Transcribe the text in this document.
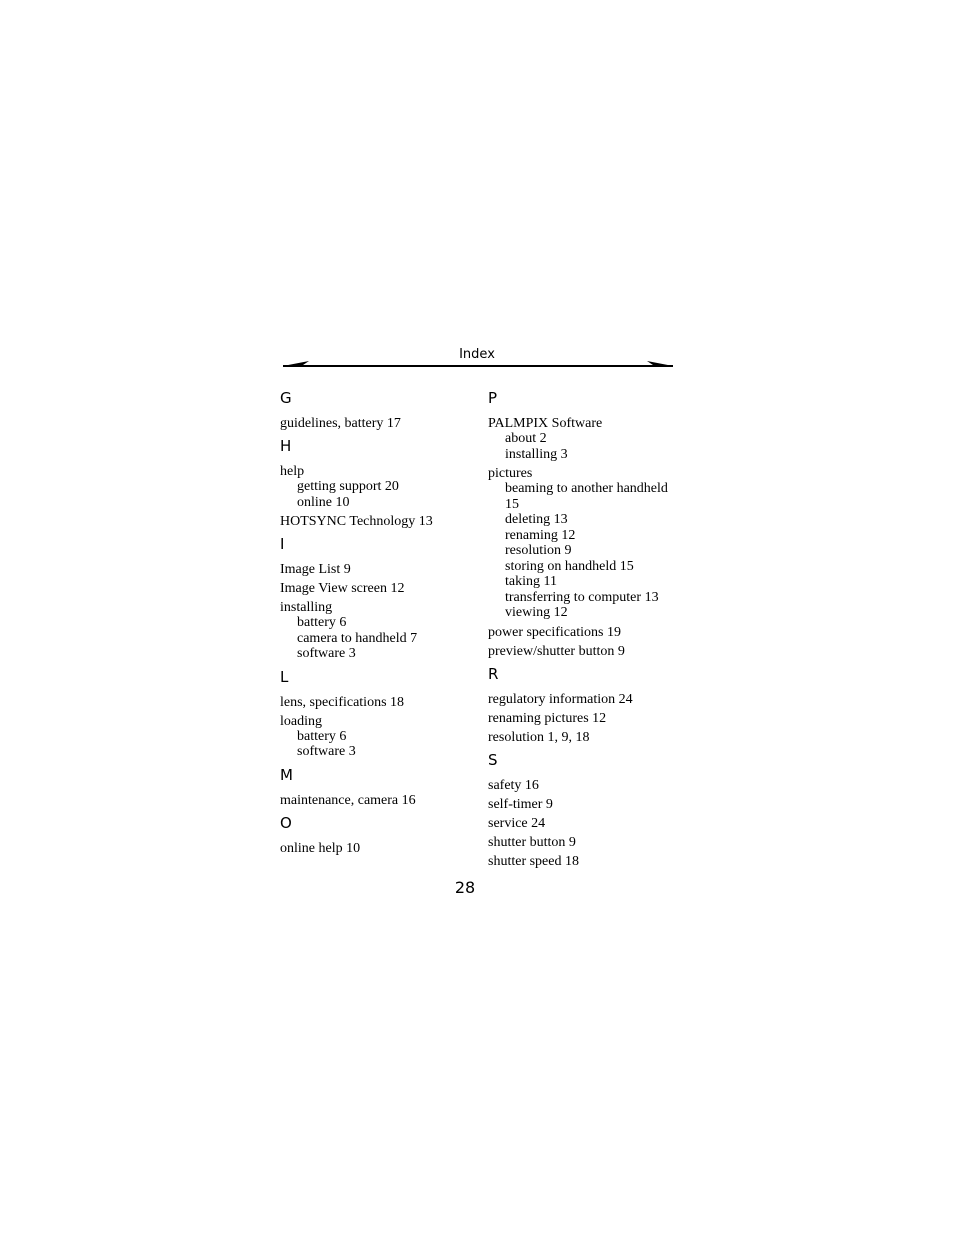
Index
G
guidelines, battery 17
H
help
getting support 20
online 10
HOTSYNC Technology 13
I
Image List 9
Image View screen 12
installing
battery 6
camera to handheld 7
software 3
L
lens, specifications 18
loading
battery 6
software 3
M
maintenance, camera 16
O
online help 10
P
PALMPIX Software
about 2
installing 3
pictures
beaming to another handheld 15
deleting 13
renaming 12
resolution 9
storing on handheld 15
taking 11
transferring to computer 13
viewing 12
power specifications 19
preview/shutter button 9
R
regulatory information 24
renaming pictures 12
resolution 1, 9, 18
S
safety 16
self-timer 9
service 24
shutter button 9
shutter speed 18
28
